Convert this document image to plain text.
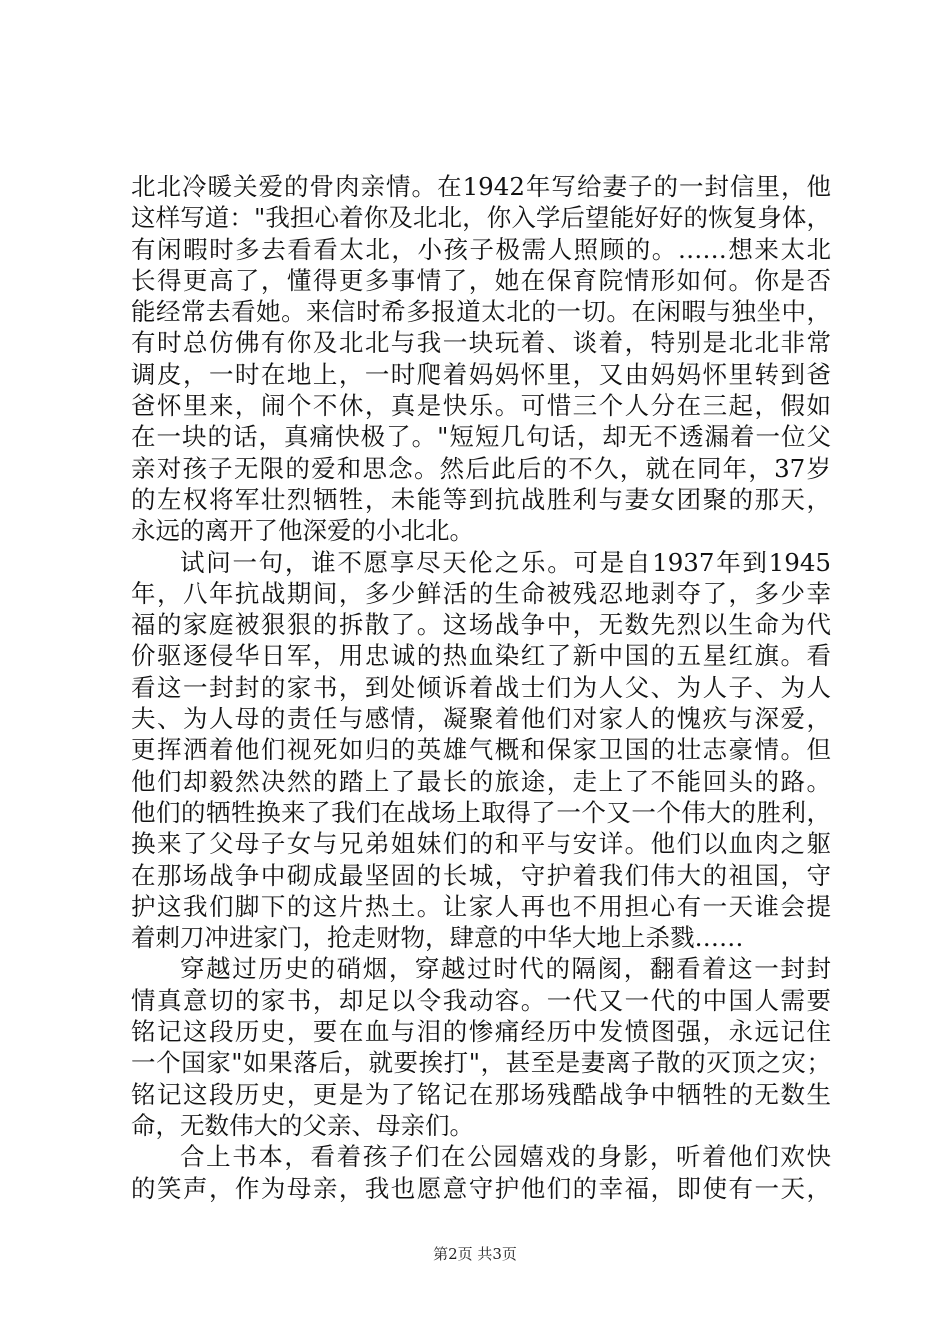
北北冷暖关爱的骨肉亲情。在1942年写给妻子的一封信里，他
这样写道："我担心着你及北北，你入学后望能好好的恢复身体，
有闲暇时多去看看太北，小孩子极需人照顾的。……想来太北
长得更高了，懂得更多事情了，她在保育院情形如何。你是否
能经常去看她。来信时希多报道太北的一切。在闲暇与独坐中，
有时总仿佛有你及北北与我一块玩着、谈着，特别是北北非常
调皮，一时在地上，一时爬着妈妈怀里，又由妈妈怀里转到爸
爸怀里来，闹个不休，真是快乐。可惜三个人分在三起，假如
在一块的话，真痛快极了。"短短几句话，却无不透漏着一位父
亲对孩子无限的爱和思念。然后此后的不久，就在同年，37岁
的左权将军壮烈牺牲，未能等到抗战胜利与妻女团聚的那天，
永远的离开了他深爱的小北北。
试问一句，谁不愿享尽天伦之乐。可是自1937年到1945
年，八年抗战期间，多少鲜活的生命被残忍地剥夺了，多少幸
福的家庭被狠狠的拆散了。这场战争中，无数先烈以生命为代
价驱逐侵华日军，用忠诚的热血染红了新中国的五星红旗。看
看这一封封的家书，到处倾诉着战士们为人父、为人子、为人
夫、为人母的责任与感情，凝聚着他们对家人的愧疚与深爱，
更挥洒着他们视死如归的英雄气概和保家卫国的壮志豪情。但
他们却毅然决然的踏上了最长的旅途，走上了不能回头的路。
他们的牺牲换来了我们在战场上取得了一个又一个伟大的胜利，
换来了父母子女与兄弟姐妹们的和平与安详。他们以血肉之躯
在那场战争中砌成最坚固的长城，守护着我们伟大的祖国，守
护这我们脚下的这片热土。让家人再也不用担心有一天谁会提
着刺刀冲进家门，抢走财物，肆意的中华大地上杀戮……
穿越过历史的硝烟，穿越过时代的隔阂，翻看着这一封封
情真意切的家书，却足以令我动容。一代又一代的中国人需要
铭记这段历史，要在血与泪的惨痛经历中发愤图强，永远记住
一个国家"如果落后，就要挨打"，甚至是妻离子散的灭顶之灾；
铭记这段历史，更是为了铭记在那场残酷战争中牺牲的无数生
命，无数伟大的父亲、母亲们。
合上书本，看着孩子们在公园嬉戏的身影，听着他们欢快
的笑声，作为母亲，我也愿意守护他们的幸福，即使有一天，
第2页 共3页
